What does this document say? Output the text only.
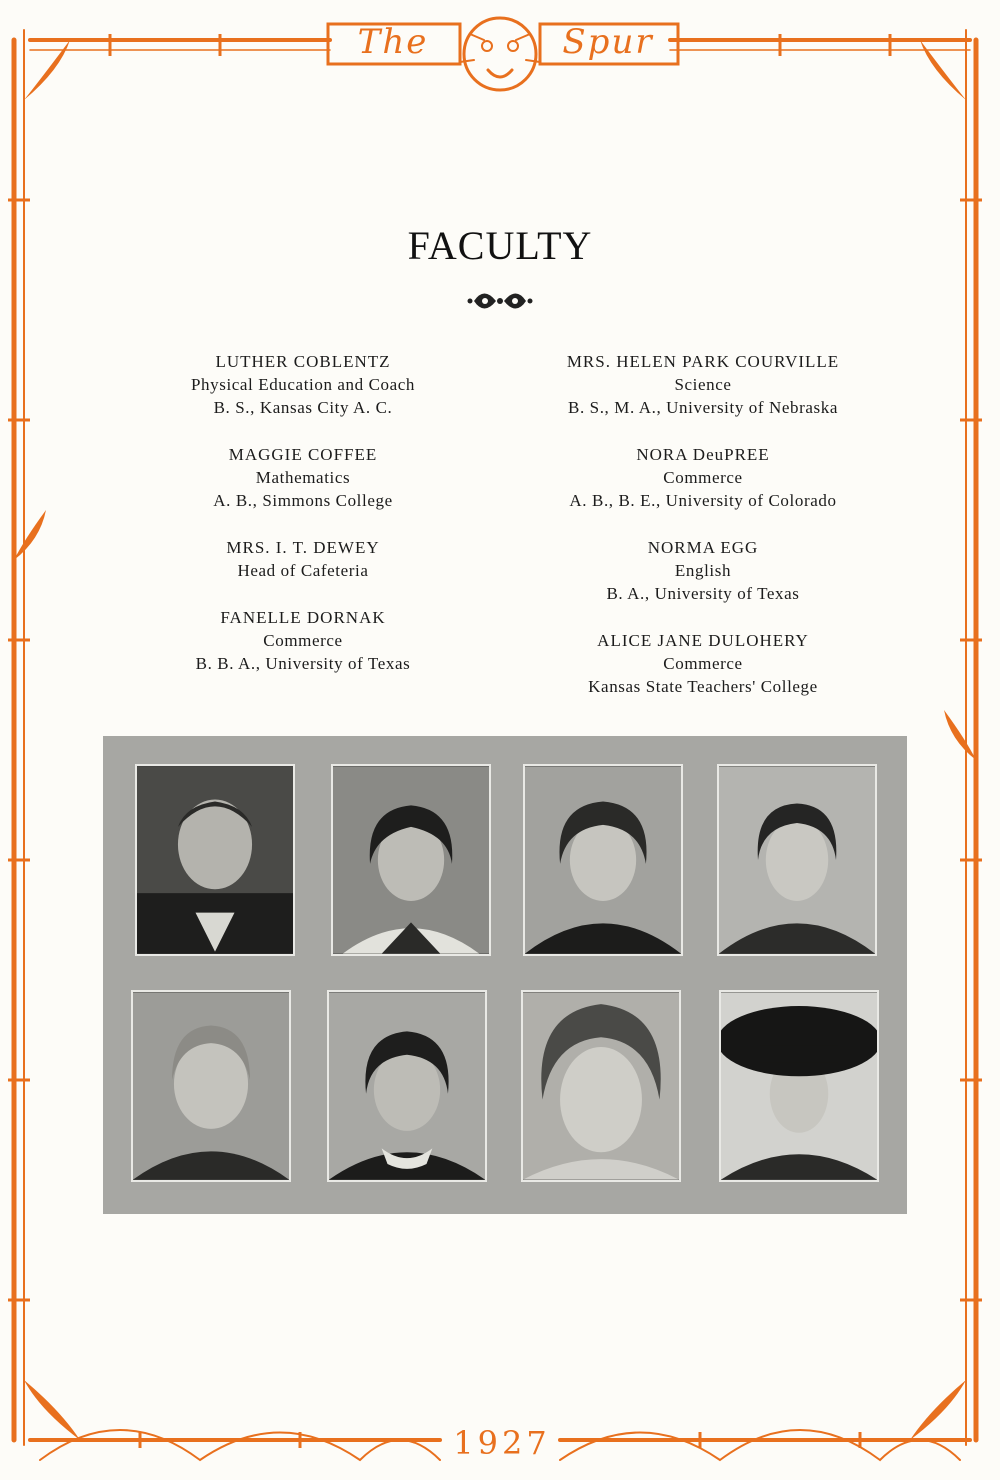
The	Spur
1927
FACULTY
LUTHER COBLENTZ
Physical Education and Coach
B. S., Kansas City A. C.
MAGGIE COFFEE
Mathematics
A. B., Simmons College
MRS. I. T. DEWEY
Head of Cafeteria
FANELLE DORNAK
Commerce
B. B. A., University of Texas
MRS. HELEN PARK COURVILLE
Science
B. S., M. A., University of Nebraska
NORA DeuPREE
Commerce
A. B., B. E., University of Colorado
NORMA EGG
English
B. A., University of Texas
ALICE JANE DULOHERY
Commerce
Kansas State Teachers' College
